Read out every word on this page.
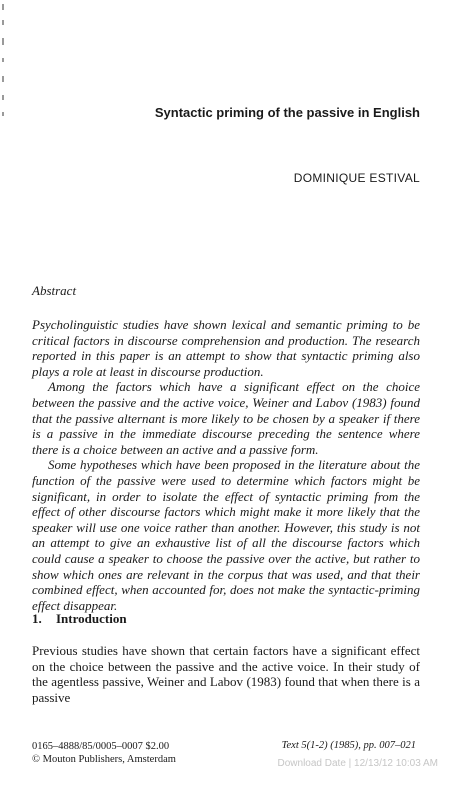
Syntactic priming of the passive in English
DOMINIQUE ESTIVAL
Abstract

Psycholinguistic studies have shown lexical and semantic priming to be critical factors in discourse comprehension and production. The research reported in this paper is an attempt to show that syntactic priming also plays a role at least in discourse production.

Among the factors which have a significant effect on the choice between the passive and the active voice, Weiner and Labov (1983) found that the passive alternant is more likely to be chosen by a speaker if there is a passive in the immediate discourse preceding the sentence where there is a choice between an active and a passive form.

Some hypotheses which have been proposed in the literature about the function of the passive were used to determine which factors might be significant, in order to isolate the effect of syntactic priming from the effect of other discourse factors which might make it more likely that the speaker will use one voice rather than another. However, this study is not an attempt to give an exhaustive list of all the discourse factors which could cause a speaker to choose the passive over the active, but rather to show which ones are relevant in the corpus that was used, and that their combined effect, when accounted for, does not make the syntactic-priming effect disappear.

1. Introduction

Previous studies have shown that certain factors have a significant effect on the choice between the passive and the active voice. In their study of the agentless passive, Weiner and Labov (1983) found that when there is a passive

0165–4888/85/0005–0007 $2.00
© Mouton Publishers, Amsterdam
Text 5(1-2) (1985), pp. 007–021
Download Date | 12/13/12 10:03 AM
